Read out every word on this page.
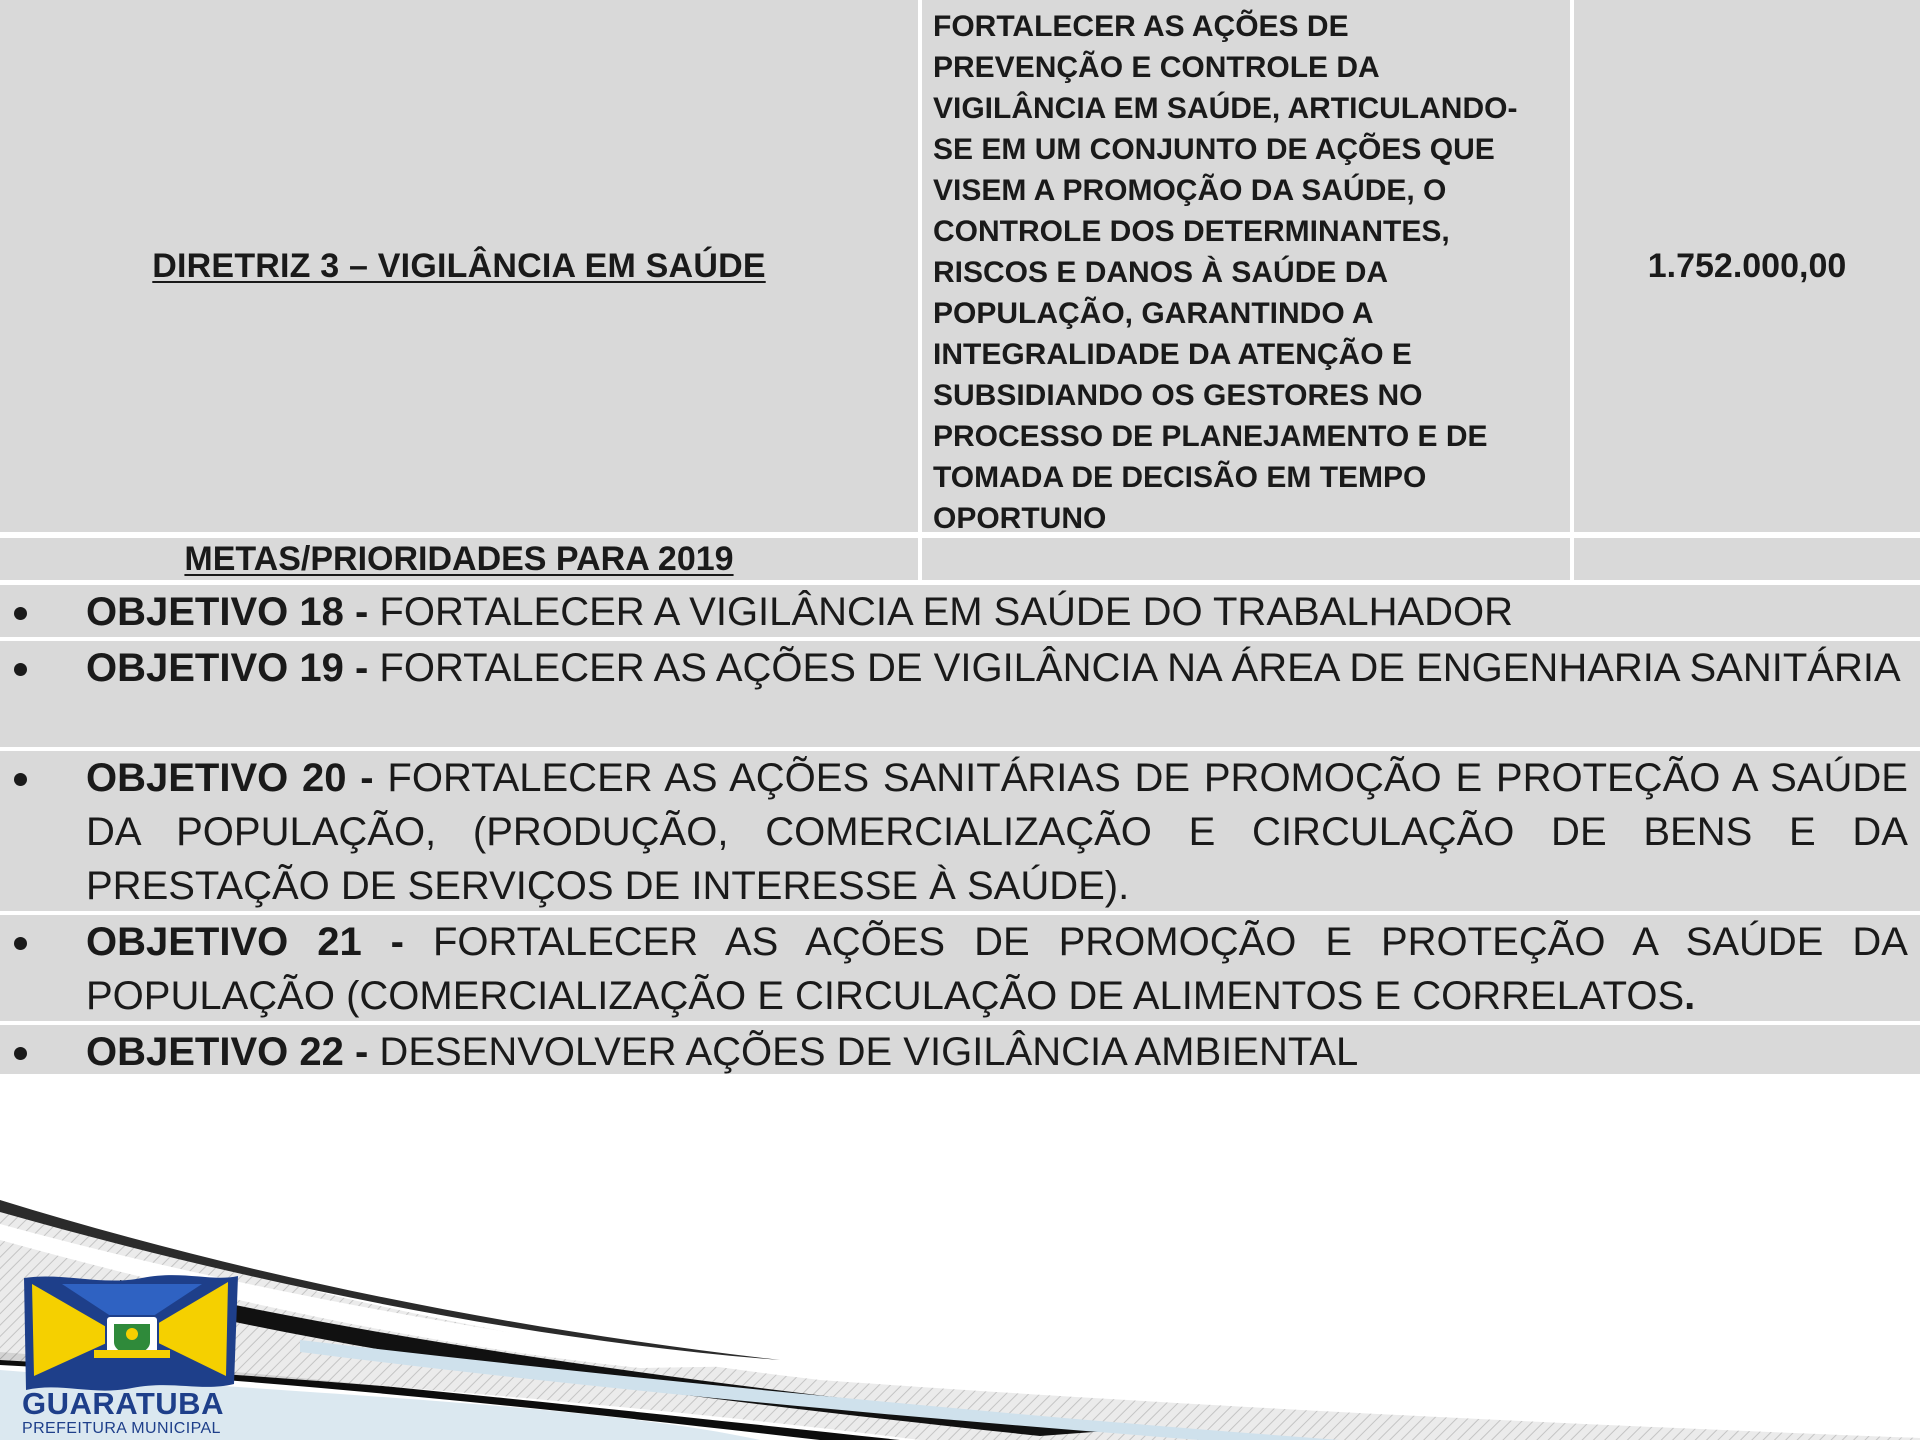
DIRETRIZ 3 – VIGILÂNCIA EM SAÚDE

FORTALECER AS AÇÕES DE
PREVENÇÃO E CONTROLE DA
VIGILÂNCIA EM SAÚDE, ARTICULANDO-
SE EM UM CONJUNTO DE AÇÕES QUE
VISEM A PROMOÇÃO DA SAÚDE, O
CONTROLE DOS DETERMINANTES,
RISCOS E DANOS À SAÚDE DA
POPULAÇÃO, GARANTINDO A
INTEGRALIDADE DA ATENÇÃO E
SUBSIDIANDO OS GESTORES NO
PROCESSO DE PLANEJAMENTO E DE
TOMADA DE DECISÃO EM TEMPO
OPORTUNO

1.752.000,00
METAS/PRIORIDADES PARA 2019
OBJETIVO 18 - FORTALECER A VIGILÂNCIA EM SAÚDE DO TRABALHADOR
OBJETIVO 19 - FORTALECER AS AÇÕES DE VIGILÂNCIA NA ÁREA DE ENGENHARIA SANITÁRIA
OBJETIVO 20 - FORTALECER AS AÇÕES SANITÁRIAS DE PROMOÇÃO E PROTEÇÃO A SAÚDE DA POPULAÇÃO, (PRODUÇÃO, COMERCIALIZAÇÃO E CIRCULAÇÃO DE BENS E DA PRESTAÇÃO DE SERVIÇOS DE INTERESSE À SAÚDE).
OBJETIVO 21 - FORTALECER AS AÇÕES DE PROMOÇÃO E PROTEÇÃO A SAÚDE DA POPULAÇÃO (COMERCIALIZAÇÃO E CIRCULAÇÃO DE ALIMENTOS E CORRELATOS.
OBJETIVO 22 - DESENVOLVER AÇÕES DE VIGILÂNCIA AMBIENTAL
GUARATUBA
PREFEITURA MUNICIPAL
